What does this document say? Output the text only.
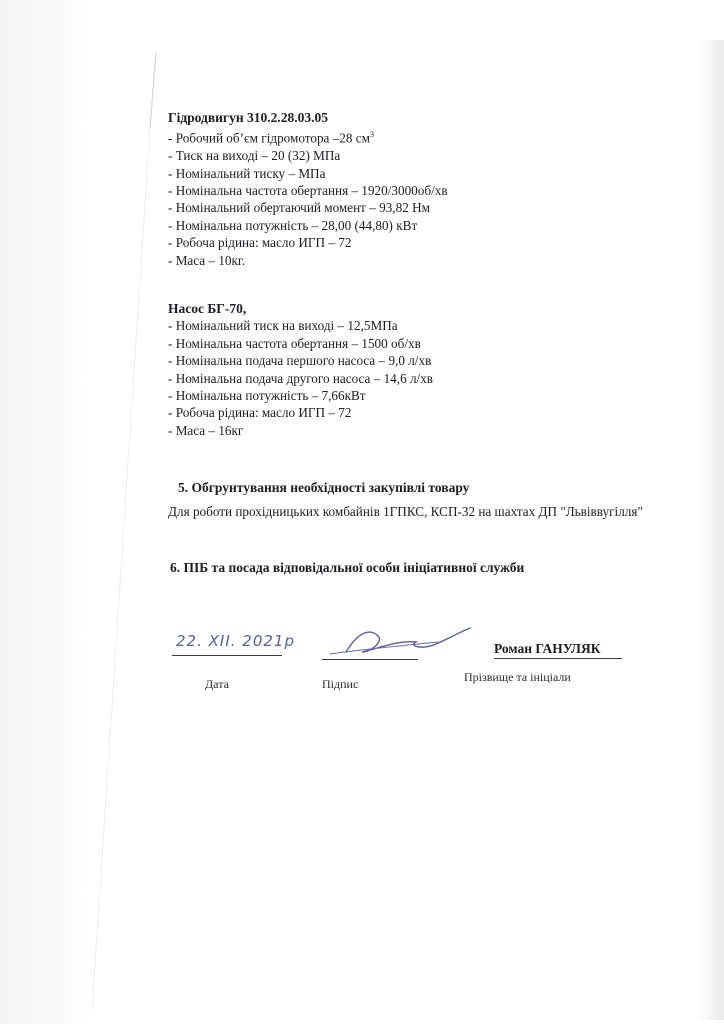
Гідродвигун 310.2.28.03.05
- Робочий об’єм гідромотора –28 $см^3$
- Тиск на виході – 20 (32) МПа
- Номінальний тиску – МПа
- Номінальна частота обертання – 1920/3000об/хв
- Номінальний обертаючий момент – 93,82 Нм
- Номінальна потужність – 28,00 (44,80) кВт
- Робоча рідина: масло ИГП – 72
- Маса – 10кг.
Насос БГ-70,
- Номінальний тиск на виході – 12,5МПа
- Номінальна частота обертання – 1500 об/хв
- Номінальна подача першого насоса – 9,0 л/хв
- Номінальна подача другого насоса – 14,6 л/хв
- Номінальна потужність – 7,66кВт
- Робоча рідина: масло ИГП – 72
- Маса – 16кг
5. Обгрунтування необхідності закупівлі товару
Для роботи прохідницьких комбайнів 1ГПКС, КСП-32 на шахтах ДП "Львіввугілля"
6. ПІБ та посада відповідальної особи ініціативної служби
22. XII. 2021р	Роман ГАНУЛЯК
Дата	Підпис	Прізвище та ініціали
